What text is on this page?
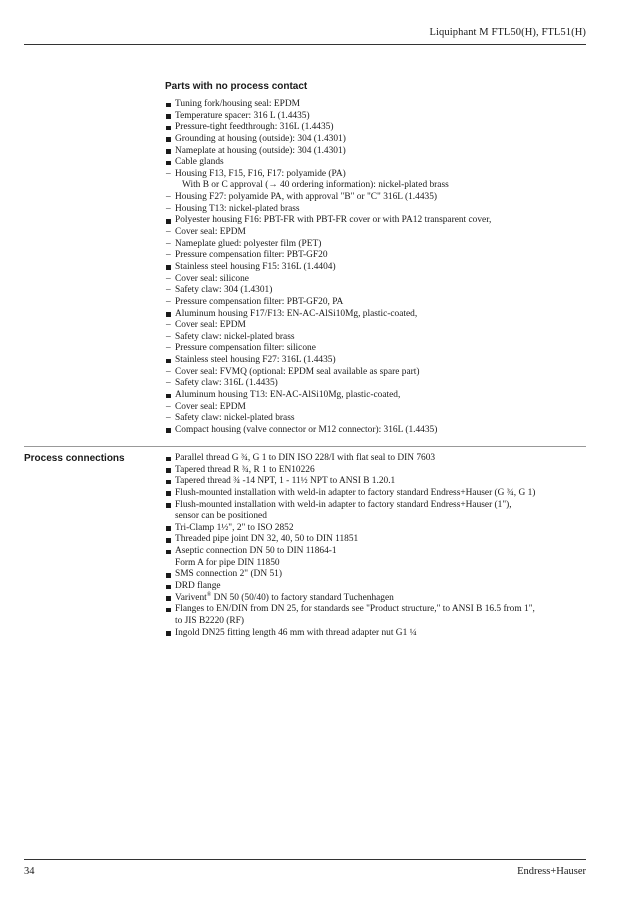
Liquiphant M FTL50(H), FTL51(H)
Parts with no process contact
Tuning fork/housing seal: EPDM
Temperature spacer: 316 L (1.4435)
Pressure-tight feedthrough: 316L (1.4435)
Grounding at housing (outside): 304 (1.4301)
Nameplate at housing (outside): 304 (1.4301)
Cable glands
– Housing F13, F15, F16, F17: polyamide (PA)
With B or C approval (→ 40 ordering information): nickel-plated brass
– Housing F27: polyamide PA, with approval "B" or "C" 316L (1.4435)
– Housing T13: nickel-plated brass
Polyester housing F16: PBT-FR with PBT-FR cover or with PA12 transparent cover,
– Cover seal: EPDM
– Nameplate glued: polyester film (PET)
– Pressure compensation filter: PBT-GF20
Stainless steel housing F15: 316L (1.4404)
– Cover seal: silicone
– Safety claw: 304 (1.4301)
– Pressure compensation filter: PBT-GF20, PA
Aluminum housing F17/F13: EN-AC-AlSi10Mg, plastic-coated,
– Cover seal: EPDM
– Safety claw: nickel-plated brass
– Pressure compensation filter: silicone
Stainless steel housing F27: 316L (1.4435)
– Cover seal: FVMQ (optional: EPDM seal available as spare part)
– Safety claw: 316L (1.4435)
Aluminum housing T13: EN-AC-AlSi10Mg, plastic-coated,
– Cover seal: EPDM
– Safety claw: nickel-plated brass
Compact housing (valve connector or M12 connector): 316L (1.4435)
Process connections	Parallel thread G ¾, G 1 to DIN ISO 228/I with flat seal to DIN 7603
Tapered thread R ¾, R 1 to EN10226
Tapered thread ¾ -14 NPT, 1 - 11½ NPT to ANSI B 1.20.1
Flush-mounted installation with weld-in adapter to factory standard Endress+Hauser (G ¾, G 1)
Flush-mounted installation with weld-in adapter to factory standard Endress+Hauser (1"),
sensor can be positioned
Tri-Clamp 1½", 2" to ISO 2852
Threaded pipe joint DN 32, 40, 50 to DIN 11851
Aseptic connection DN 50 to DIN 11864-1
Form A for pipe DIN 11850
SMS connection 2" (DN 51)
DRD flange
Varivent® DN 50 (50/40) to factory standard Tuchenhagen
Flanges to EN/DIN from DN 25, for standards see "Product structure," to ANSI B 16.5 from 1",
to JIS B2220 (RF)
Ingold DN25 fitting length 46 mm with thread adapter nut G1 ¼
34	Endress+Hauser
